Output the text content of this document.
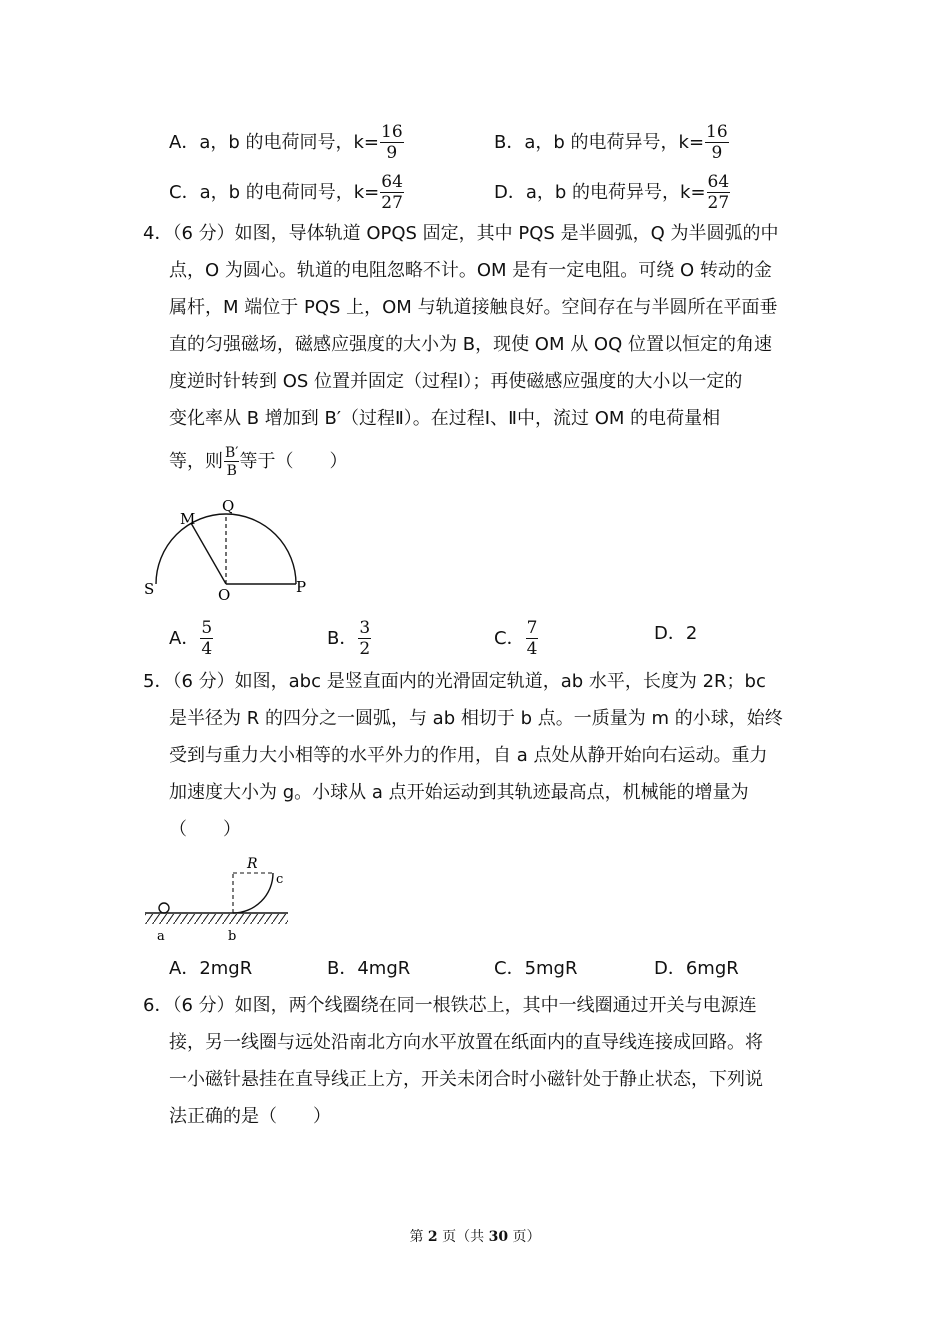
A．a，b 的电荷同号，$k= \frac{16}{9}$	B．a，b 的电荷异号，$k= \frac{16}{9}$
C．a，b 的电荷同号，$k= \frac{64}{27}$	D．a，b 的电荷异号，$k= \frac{64}{27}$
4．（6 分）如图，导体轨道 OPQS 固定，其中 PQS 是半圆弧，Q 为半圆弧的中
点，O 为圆心。轨道的电阻忽略不计。OM 是有一定电阻。可绕 O 转动的金
属杆，M 端位于 PQS 上，OM 与轨道接触良好。空间存在与半圆所在平面垂
直的匀强磁场，磁感应强度的大小为 B，现使 OM 从 OQ 位置以恒定的角速
度逆时针转到 OS 位置并固定（过程Ⅰ）；再使磁感应强度的大小以一定的
变化率从 B 增加到 B′（过程Ⅱ）。在过程Ⅰ、Ⅱ中，流过 OM 的电荷量相
等，则 $\frac{B'}{B}$ 等于（　　）
M
Q
S	O	P
A． $\frac{5}{4}$	B． $\frac{3}{2}$	C． $\frac{7}{4}$	D．2
5．（6 分）如图，abc 是竖直面内的光滑固定轨道，ab 水平，长度为 2R；bc
是半径为 R 的四分之一圆弧，与 ab 相切于 b 点。一质量为 m 的小球，始终
受到与重力大小相等的水平外力的作用，自 a 点处从静开始向右运动。重力
加速度大小为 g。小球从 a 点开始运动到其轨迹最高点，机械能的增量为
（　　）
R
c
a	b
A．2mgR	B．4mgR	C．5mgR	D．6mgR
6．（6 分）如图，两个线圈绕在同一根铁芯上，其中一线圈通过开关与电源连
接，另一线圈与远处沿南北方向水平放置在纸面内的直导线连接成回路。将
一小磁针悬挂在直导线正上方，开关未闭合时小磁针处于静止状态，下列说
法正确的是（　　）
第 2 页（共 30 页）
